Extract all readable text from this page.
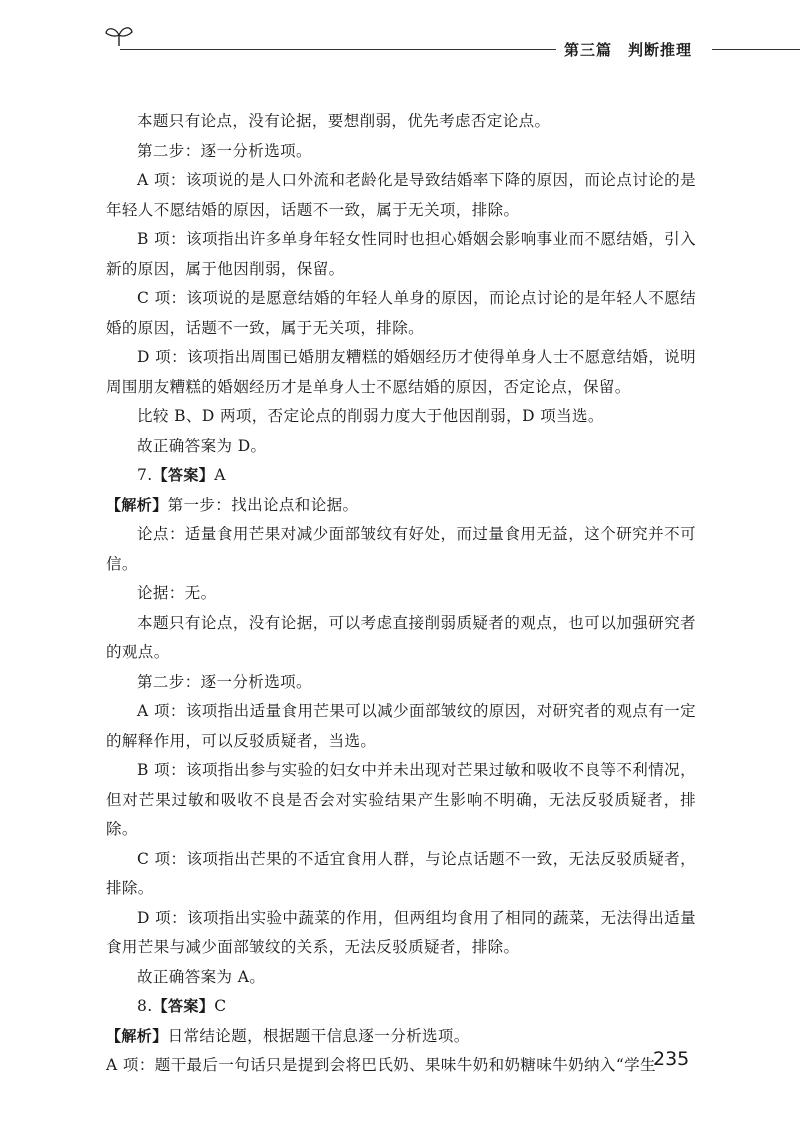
第三篇　判断推理

本题只有论点，没有论据，要想削弱，优先考虑否定论点。

第二步：逐一分析选项。

A 项：该项说的是人口外流和老龄化是导致结婚率下降的原因，而论点讨论的是年轻人不愿结婚的原因，话题不一致，属于无关项，排除。

B 项：该项指出许多单身年轻女性同时也担心婚姻会影响事业而不愿结婚，引入新的原因，属于他因削弱，保留。

C 项：该项说的是愿意结婚的年轻人单身的原因，而论点讨论的是年轻人不愿结婚的原因，话题不一致，属于无关项，排除。

D 项：该项指出周围已婚朋友糟糕的婚姻经历才使得单身人士不愿意结婚，说明周围朋友糟糕的婚姻经历才是单身人士不愿结婚的原因，否定论点，保留。

比较 B、D 两项，否定论点的削弱力度大于他因削弱，D 项当选。

故正确答案为 D。

7.【答案】A

【解析】第一步：找出论点和论据。

论点：适量食用芒果对减少面部皱纹有好处，而过量食用无益，这个研究并不可信。

论据：无。

本题只有论点，没有论据，可以考虑直接削弱质疑者的观点，也可以加强研究者的观点。

第二步：逐一分析选项。

A 项：该项指出适量食用芒果可以减少面部皱纹的原因，对研究者的观点有一定的解释作用，可以反驳质疑者，当选。

B 项：该项指出参与实验的妇女中并未出现对芒果过敏和吸收不良等不利情况，但对芒果过敏和吸收不良是否会对实验结果产生影响不明确，无法反驳质疑者，排除。

C 项：该项指出芒果的不适宜食用人群，与论点话题不一致，无法反驳质疑者，排除。

D 项：该项指出实验中蔬菜的作用，但两组均食用了相同的蔬菜，无法得出适量食用芒果与减少面部皱纹的关系，无法反驳质疑者，排除。

故正确答案为 A。

8.【答案】C

【解析】日常结论题，根据题干信息逐一分析选项。

A 项：题干最后一句话只是提到会将巴氏奶、果味牛奶和奶糖味牛奶纳入“学生

235
